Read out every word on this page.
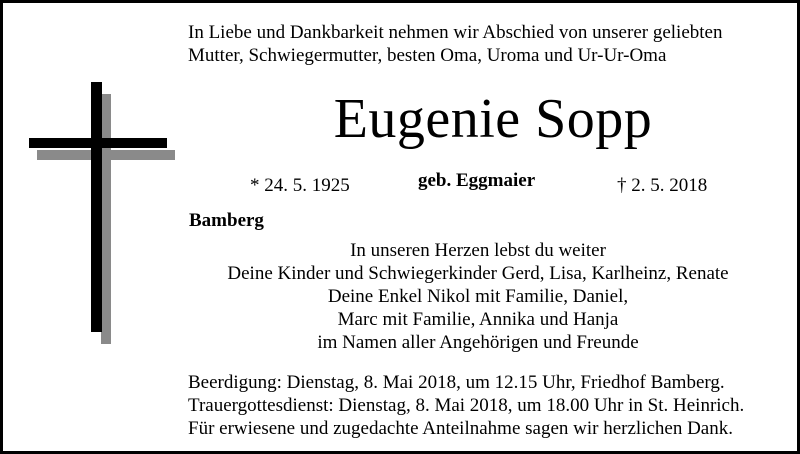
In Liebe und Dankbarkeit nehmen wir Abschied von unserer geliebten
Mutter, Schwiegermutter, besten Oma, Uroma und Ur-Ur-Oma
Eugenie Sopp
* 24. 5. 1925	geb. Eggmaier	† 2. 5. 2018
Bamberg
In unseren Herzen lebst du weiter
Deine Kinder und Schwiegerkinder Gerd, Lisa, Karlheinz, Renate
Deine Enkel Nikol mit Familie, Daniel,
Marc mit Familie, Annika und Hanja
im Namen aller Angehörigen und Freunde
Beerdigung: Dienstag, 8. Mai 2018, um 12.15 Uhr, Friedhof Bamberg.
Trauergottesdienst: Dienstag, 8. Mai 2018, um 18.00 Uhr in St. Heinrich.
Für erwiesene und zugedachte Anteilnahme sagen wir herzlichen Dank.
